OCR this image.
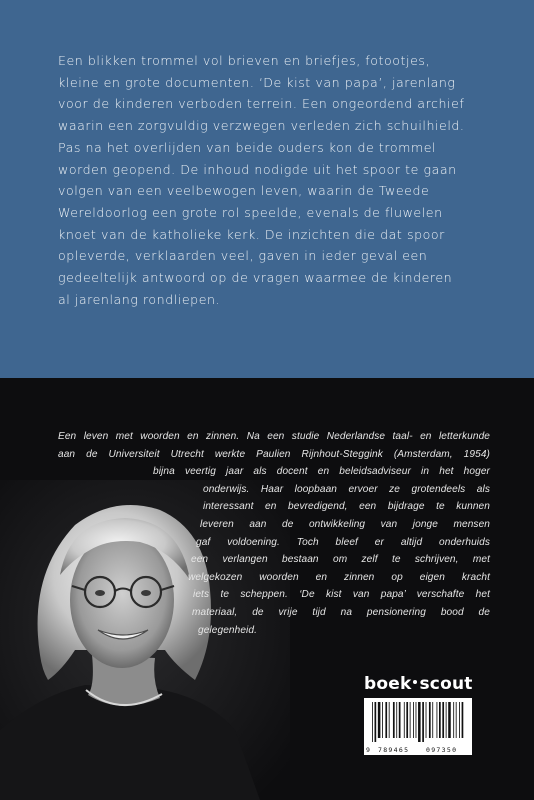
Een blikken trommel vol brieven en briefjes, fotootjes,
kleine en grote documenten. ‘De kist van papa’, jarenlang
voor de kinderen verboden terrein. Een ongeordend archief
waarin een zorgvuldig verzwegen verleden zich schuilhield.
Pas na het overlijden van beide ouders kon de trommel
worden geopend. De inhoud nodigde uit het spoor te gaan
volgen van een veelbewogen leven, waarin de Tweede
Wereldoorlog een grote rol speelde, evenals de fluwelen
knoet van de katholieke kerk. De inzichten die dat spoor
opleverde, verklaarden veel, gaven in ieder geval een
gedeeltelijk antwoord op de vragen waarmee de kinderen
al jarenlang rondliepen.
Een leven met woorden en zinnen. Na een studie Nederlandse taal- en letterkunde
aan de Universiteit Utrecht werkte Paulien Rijnhout-Steggink (Amsterdam, 1954)
bijna veertig jaar als docent en beleidsadviseur in het hoger
onderwijs. Haar loopbaan ervoer ze grotendeels als
interessant en bevredigend, een bijdrage te kunnen
leveren aan de ontwikkeling van jonge mensen
gaf voldoening. Toch bleef er altijd onderhuids
een verlangen bestaan om zelf te schrijven, met
welgekozen woorden en zinnen op eigen kracht
iets te scheppen. ‘De kist van papa’ verschafte het
materiaal, de vrije tijd na pensionering bood de
gelegenheid.
boek scout
9 789465	097350
